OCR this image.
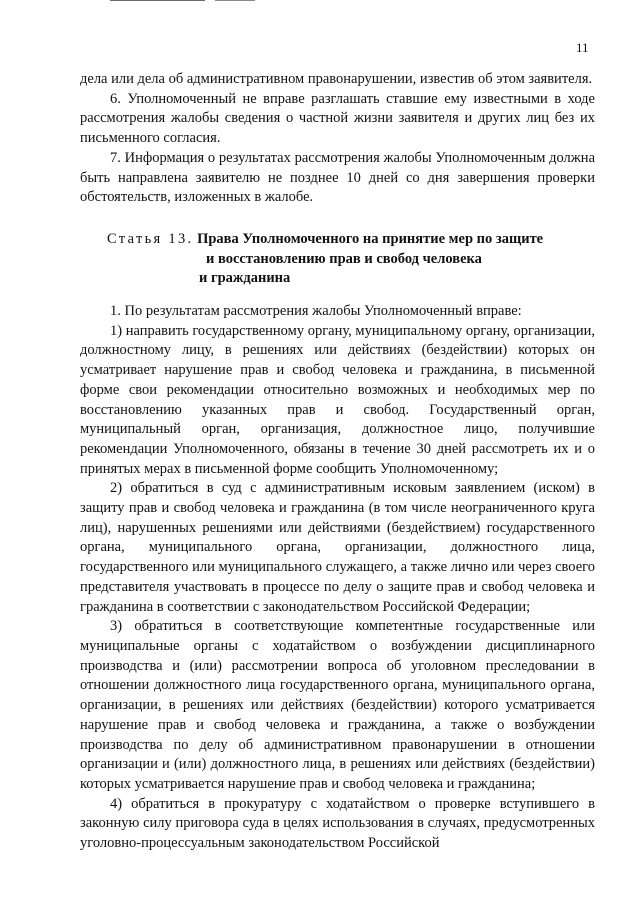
11

дела или дела об административном правонарушении, известив об этом заявителя.

6. Уполномоченный не вправе разглашать ставшие ему известными в ходе рассмотрения жалобы сведения о частной жизни заявителя и других лиц без их письменного согласия.

7. Информация о результатах рассмотрения жалобы Уполномоченным должна быть направлена заявителю не позднее 10 дней со дня завершения проверки обстоятельств, изложенных в жалобе.

Статья 13. Права Уполномоченного на принятие мер по защите
и восстановлению прав и свобод человека
и гражданина

1. По результатам рассмотрения жалобы Уполномоченный вправе:

1) направить государственному органу, муниципальному органу, организации, должностному лицу, в решениях или действиях (бездействии) которых он усматривает нарушение прав и свобод человека и гражданина, в письменной форме свои рекомендации относительно возможных и необходимых мер по восстановлению указанных прав и свобод. Государственный орган, муниципальный орган, организация, должностное лицо, получившие рекомендации Уполномоченного, обязаны в течение 30 дней рассмотреть их и о принятых мерах в письменной форме сообщить Уполномоченному;

2) обратиться в суд с административным исковым заявлением (иском) в защиту прав и свобод человека и гражданина (в том числе неограниченного круга лиц), нарушенных решениями или действиями (бездействием) государственного органа, муниципального органа, организации, должностного лица, государственного или муниципального служащего, а также лично или через своего представителя участвовать в процессе по делу о защите прав и свобод человека и гражданина в соответствии с законодательством Российской Федерации;

3) обратиться в соответствующие компетентные государственные или муниципальные органы с ходатайством о возбуждении дисциплинарного производства и (или) рассмотрении вопроса об уголовном преследовании в отношении должностного лица государственного органа, муниципального органа, организации, в решениях или действиях (бездействии) которого усматривается нарушение прав и свобод человека и гражданина, а также о возбуждении производства по делу об административном правонарушении в отношении организации и (или) должностного лица, в решениях или действиях (бездействии) которых усматривается нарушение прав и свобод человека и гражданина;

4) обратиться в прокуратуру с ходатайством о проверке вступившего в законную силу приговора суда в целях использования в случаях, предусмотренных уголовно-процессуальным законодательством Российской
